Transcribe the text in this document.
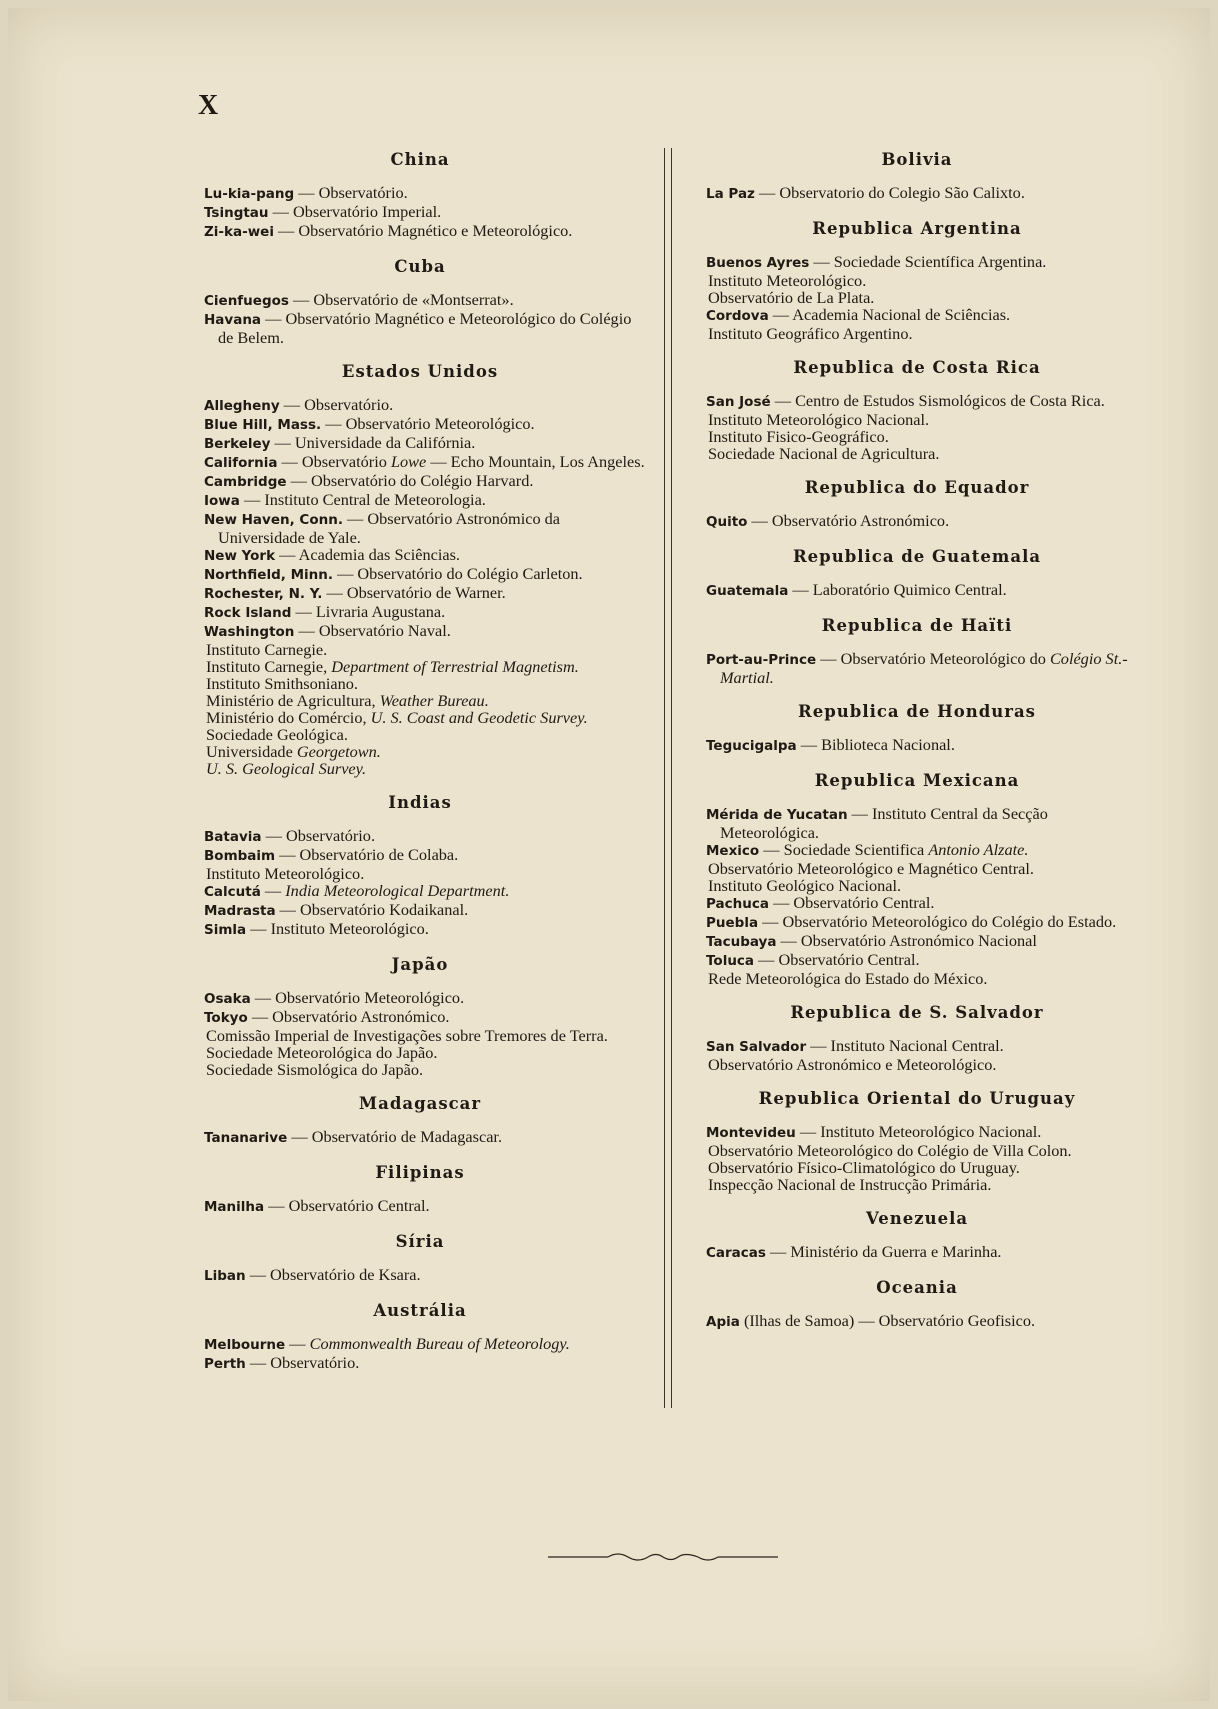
X
China

Lu-kia-pang — Observatório.

Tsingtau — Observatório Imperial.

Zi-ka-wei — Observatório Magnético e Meteorológico.

Cuba

Cienfuegos — Observatório de «Montserrat».

Havana — Observatório Magnético e Meteorológico do Colégio de Belem.

Estados Unidos

Allegheny — Observatório.

Blue Hill, Mass. — Observatório Meteorológico.

Berkeley — Universidade da Califórnia.

California — Observatório Lowe — Echo Mountain, Los Angeles.

Cambridge — Observatório do Colégio Harvard.

Iowa — Instituto Central de Meteorologia.

New Haven, Conn. — Observatório Astronómico da Universidade de Yale.

New York — Academia das Sciências.

Northfield, Minn. — Observatório do Colégio Carleton.

Rochester, N. Y. — Observatório de Warner.

Rock Island — Livraria Augustana.

Washington — Observatório Naval.

Instituto Carnegie.

Instituto Carnegie, Department of Terrestrial Magnetism.

Instituto Smithsoniano.

Ministério de Agricultura, Weather Bureau.

Ministério do Comércio, U. S. Coast and Geodetic Survey.

Sociedade Geológica.

Universidade Georgetown.

U. S. Geological Survey.

Indias

Batavia — Observatório.

Bombaim — Observatório de Colaba.

Instituto Meteorológico.

Calcutá — India Meteorological Department.

Madrasta — Observatório Kodaikanal.

Simla — Instituto Meteorológico.

Japão

Osaka — Observatório Meteorológico.

Tokyo — Observatório Astronómico.

Comissão Imperial de Investigações sobre Tremores de Terra.

Sociedade Meteorológica do Japão.

Sociedade Sismológica do Japão.

Madagascar

Tananarive — Observatório de Madagascar.

Filipinas

Manilha — Observatório Central.

Síria

Liban — Observatório de Ksara.

Austrália

Melbourne — Commonwealth Bureau of Meteorology.

Perth — Observatório.

Bolivia

La Paz — Observatorio do Colegio São Calixto.

Republica Argentina

Buenos Ayres — Sociedade Scientífica Argentina.

Instituto Meteorológico.

Observatório de La Plata.

Cordova — Academia Nacional de Sciências.

Instituto Geográfico Argentino.

Republica de Costa Rica

San José — Centro de Estudos Sismológicos de Costa Rica.

Instituto Meteorológico Nacional.

Instituto Fisico-Geográfico.

Sociedade Nacional de Agricultura.

Republica do Equador

Quito — Observatório Astronómico.

Republica de Guatemala

Guatemala — Laboratório Quimico Central.

Republica de Haïti

Port-au-Prince — Observatório Meteorológico do Colégio St.-Martial.

Republica de Honduras

Tegucigalpa — Biblioteca Nacional.

Republica Mexicana

Mérida de Yucatan — Instituto Central da Secção Meteorológica.

Mexico — Sociedade Scientifica Antonio Alzate.

Observatório Meteorológico e Magnético Central.

Instituto Geológico Nacional.

Pachuca — Observatório Central.

Puebla — Observatório Meteorológico do Colégio do Estado.

Tacubaya — Observatório Astronómico Nacional

Toluca — Observatório Central.

Rede Meteorológica do Estado do México.

Republica de S. Salvador

San Salvador — Instituto Nacional Central.

Observatório Astronómico e Meteorológico.

Republica Oriental do Uruguay

Montevideu — Instituto Meteorológico Nacional.

Observatório Meteorológico do Colégio de Villa Colon.

Observatório Físico-Climatológico do Uruguay.

Inspecção Nacional de Instrucção Primária.

Venezuela

Caracas — Ministério da Guerra e Marinha.

Oceania

Apia (Ilhas de Samoa) — Observatório Geofisico.
